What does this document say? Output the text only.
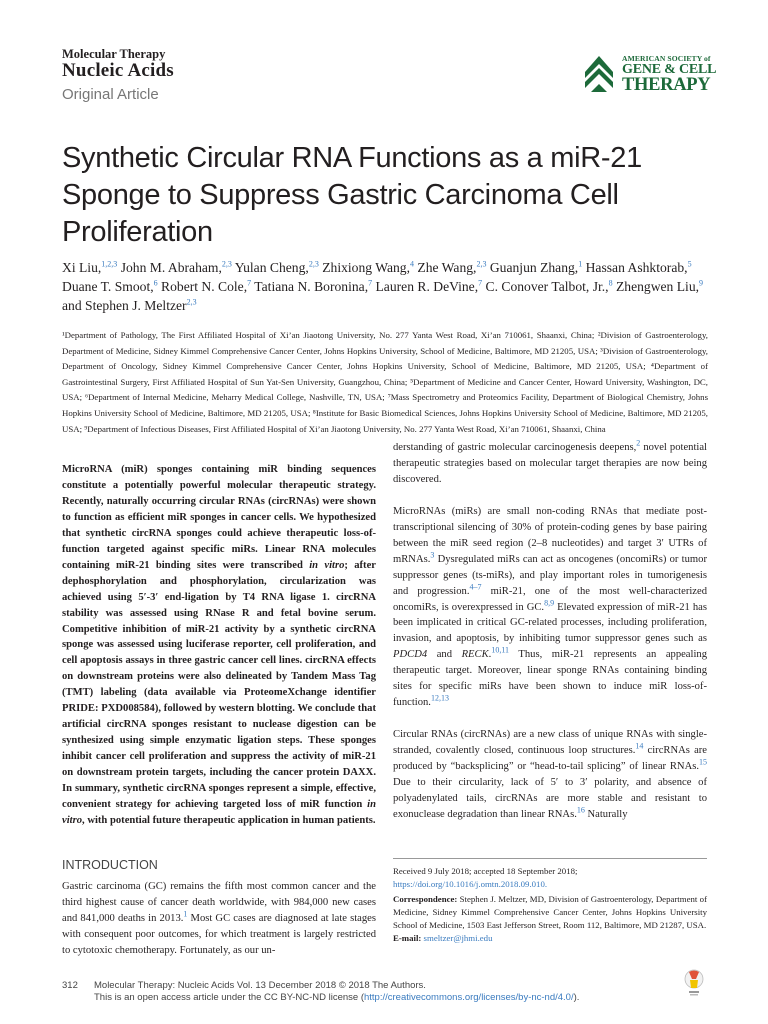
Molecular Therapy
Nucleic Acids
Original Article
AMERICAN SOCIETY of
GENE & CELL
THERAPY
Synthetic Circular RNA Functions as a miR-21 Sponge to Suppress Gastric Carcinoma Cell Proliferation
Xi Liu,$^{1,2,3}$ John M. Abraham,$^{2,3}$ Yulan Cheng,$^{2,3}$ Zhixiong Wang,$^4$ Zhe Wang,$^{2,3}$ Guanjun Zhang,$^1$ Hassan Ashktorab,$^5$ Duane T. Smoot,$^6$ Robert N. Cole,$^7$ Tatiana N. Boronina,$^7$ Lauren R. DeVine,$^7$ C. Conover Talbot, Jr.,$^8$ Zhengwen Liu,$^9$ and Stephen J. Meltzer$^{2,3}$
¹Department of Pathology, The First Affiliated Hospital of Xi’an Jiaotong University, No. 277 Yanta West Road, Xi’an 710061, Shaanxi, China; ²Division of Gastroenterology, Department of Medicine, Sidney Kimmel Comprehensive Cancer Center, Johns Hopkins University, School of Medicine, Baltimore, MD 21205, USA; ³Division of Gastroenterology, Department of Oncology, Sidney Kimmel Comprehensive Cancer Center, Johns Hopkins University, School of Medicine, Baltimore, MD 21205, USA; ⁴Department of Gastrointestinal Surgery, First Affiliated Hospital of Sun Yat-Sen University, Guangzhou, China; ⁵Department of Medicine and Cancer Center, Howard University, Washington, DC, USA; ⁶Department of Internal Medicine, Meharry Medical College, Nashville, TN, USA; ⁷Mass Spectrometry and Proteomics Facility, Department of Biological Chemistry, Johns Hopkins University School of Medicine, Baltimore, MD 21205, USA; ⁸Institute for Basic Biomedical Sciences, Johns Hopkins University School of Medicine, Baltimore, MD 21205, USA; ⁹Department of Infectious Diseases, First Affiliated Hospital of Xi’an Jiaotong University, No. 277 Yanta West Road, Xi’an 710061, Shaanxi, China
MicroRNA (miR) sponges containing miR binding sequences constitute a potentially powerful molecular therapeutic strategy. Recently, naturally occurring circular RNAs (circRNAs) were shown to function as efficient miR sponges in cancer cells. We hypothesized that synthetic circRNA sponges could achieve therapeutic loss-of-function targeted against specific miRs. Linear RNA molecules containing miR-21 binding sites were transcribed in vitro; after dephosphorylation and phosphorylation, circularization was achieved using 5′-3′ end-ligation by T4 RNA ligase 1. circRNA stability was assessed using RNase R and fetal bovine serum. Competitive inhibition of miR-21 activity by a synthetic circRNA sponge was assessed using luciferase reporter, cell proliferation, and cell apoptosis assays in three gastric cancer cell lines. circRNA effects on downstream proteins were also delineated by Tandem Mass Tag (TMT) labeling (data available via ProteomeXchange identifier PRIDE: PXD008584), followed by western blotting. We conclude that artificial circRNA sponges resistant to nuclease digestion can be synthesized using simple enzymatic ligation steps. These sponges inhibit cancer cell proliferation and suppress the activity of miR-21 on downstream protein targets, including the cancer protein DAXX. In summary, synthetic circRNA sponges represent a simple, effective, convenient strategy for achieving targeted loss of miR function in vitro, with potential future therapeutic application in human patients.
INTRODUCTION
Gastric carcinoma (GC) remains the fifth most common cancer and the third highest cause of cancer death worldwide, with 984,000 new cases and 841,000 deaths in 2013.$^1$ Most GC cases are diagnosed at late stages with consequent poor outcomes, for which treatment is largely restricted to cytotoxic chemotherapy. Fortunately, as our un-

derstanding of gastric molecular carcinogenesis deepens,$^2$ novel potential therapeutic strategies based on molecular target therapies are now being discovered.

MicroRNAs (miRs) are small non-coding RNAs that mediate post-transcriptional silencing of 30% of protein-coding genes by base pairing between the miR seed region (2–8 nucleotides) and target 3′ UTRs of mRNAs.$^3$ Dysregulated miRs can act as oncogenes (oncomiRs) or tumor suppressor genes (ts-miRs), and play important roles in tumorigenesis and progression.$^{4-7}$ miR-21, one of the most well-characterized oncomiRs, is overexpressed in GC.$^{8,9}$ Elevated expression of miR-21 has been implicated in critical GC-related processes, including proliferation, invasion, and apoptosis, by inhibiting tumor suppressor genes such as PDCD4 and RECK.$^{10,11}$ Thus, miR-21 represents an appealing therapeutic target. Moreover, linear sponge RNAs containing binding sites for specific miRs have been shown to induce miR loss-of-function.$^{12,13}$

Circular RNAs (circRNAs) are a new class of unique RNAs with single-stranded, covalently closed, continuous loop structures.$^{14}$ circRNAs are produced by “backsplicing” or “head-to-tail splicing” of linear RNAs.$^{15}$ Due to their circularity, lack of 5′ to 3′ polarity, and absence of polyadenylated tails, circRNAs are more stable and resistant to exonuclease degradation than linear RNAs.$^{16}$ Naturally

Received 9 July 2018; accepted 18 September 2018;
https://doi.org/10.1016/j.omtn.2018.09.010.
Correspondence: Stephen J. Meltzer, MD, Division of Gastroenterology, Department of Medicine, Sidney Kimmel Comprehensive Cancer Center, Johns Hopkins University School of Medicine, 1503 East Jefferson Street, Room 112, Baltimore, MD 21287, USA.
E-mail: smeltzer@jhmi.edu
312 Molecular Therapy: Nucleic Acids Vol. 13 December 2018 © 2018 The Authors.
This is an open access article under the CC BY-NC-ND license (http://creativecommons.org/licenses/by-nc-nd/4.0/).
